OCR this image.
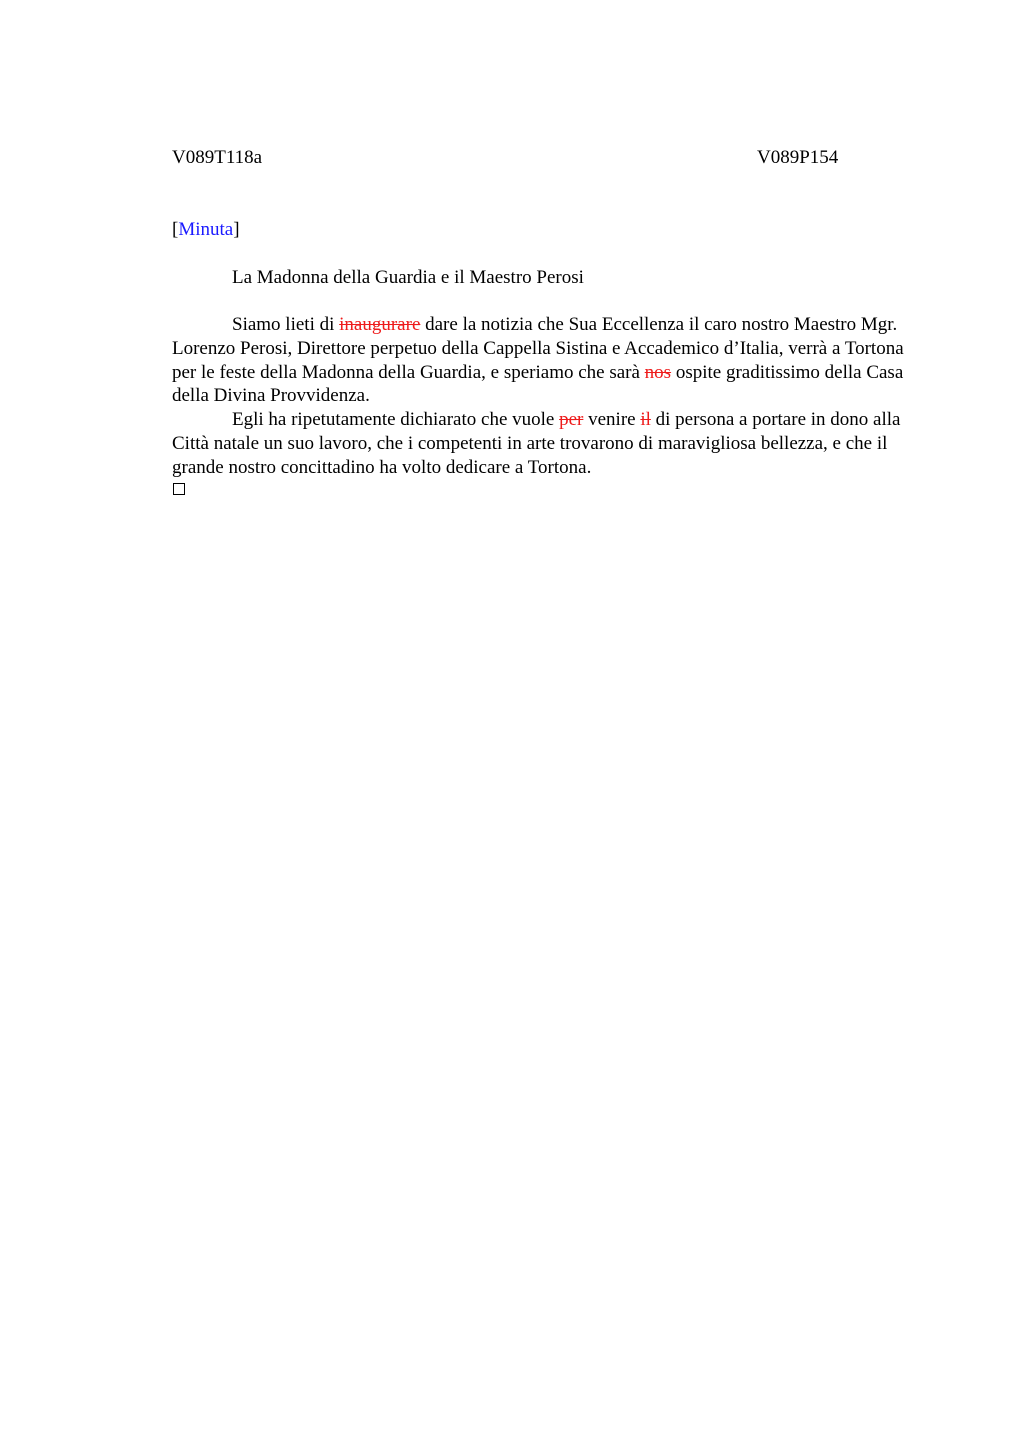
V089T118a	V089P154
[Minuta]
La Madonna della Guardia e il Maestro Perosi

Siamo lieti di inaugurare dare la notizia che Sua Eccellenza il caro nostro Maestro Mgr. Lorenzo Perosi, Direttore perpetuo della Cappella Sistina e Accademico d’Italia, verrà a Tortona per le feste della Madonna della Guardia, e speriamo che sarà nos ospite graditissimo della Casa della Divina Provvidenza.

Egli ha ripetutamente dichiarato che vuole per venire il di persona a portare in dono alla Città natale un suo lavoro, che i competenti in arte trovarono di maravigliosa bellezza, e che il grande nostro concittadino ha volto dedicare a Tortona.
